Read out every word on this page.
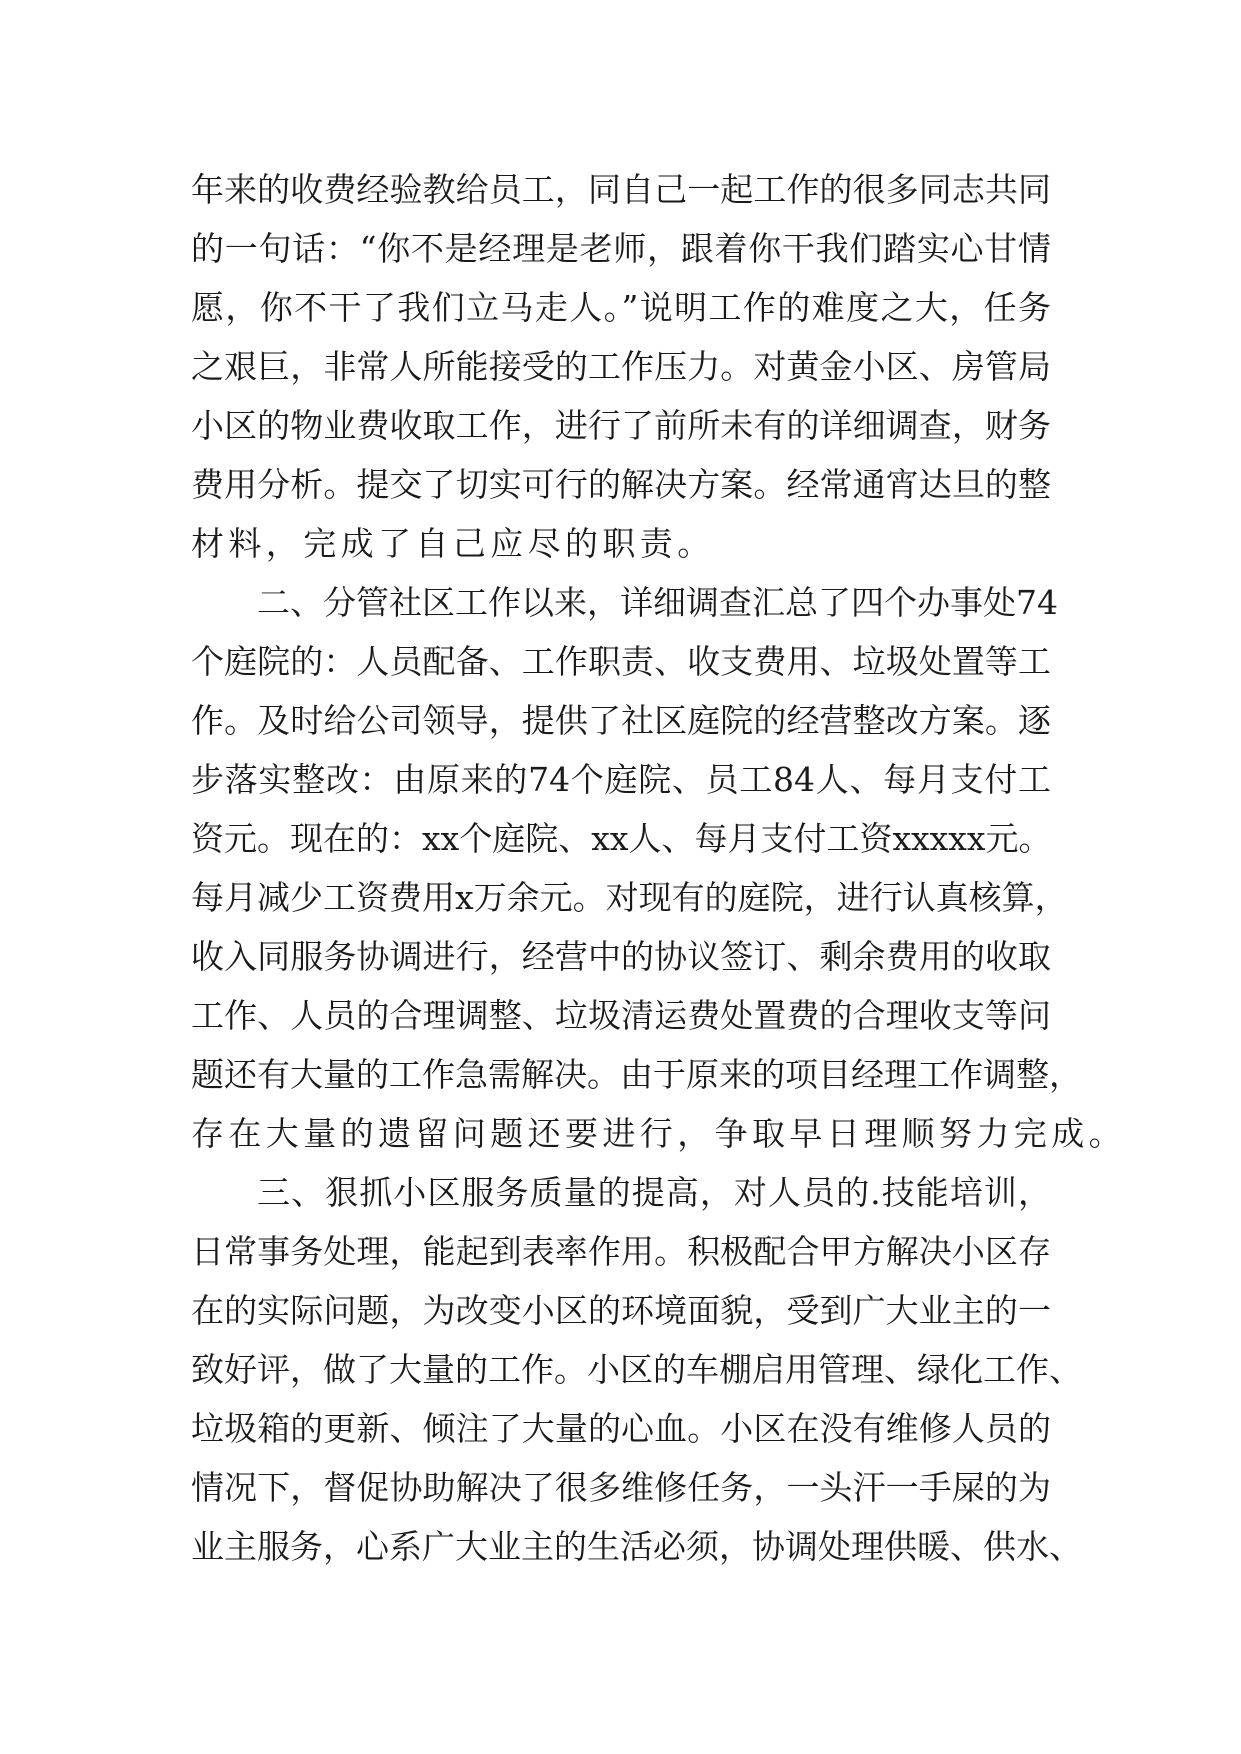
年来的收费经验教给员工，同自己一起工作的很多同志共同
的一句话：“你不是经理是老师，跟着你干我们踏实心甘情
愿，你不干了我们立马走人。”说明工作的难度之大，任务
之艰巨，非常人所能接受的工作压力。对黄金小区、房管局
小区的物业费收取工作，进行了前所未有的详细调查，财务
费用分析。提交了切实可行的解决方案。经常通宵达旦的整
材料，完成了自己应尽的职责。
二、分管社区工作以来，详细调查汇总了四个办事处74
个庭院的：人员配备、工作职责、收支费用、垃圾处置等工
作。及时给公司领导，提供了社区庭院的经营整改方案。逐
步落实整改：由原来的74个庭院、员工84人、每月支付工
资元。现在的：xx个庭院、xx人、每月支付工资xxxxx元。
每月减少工资费用x万余元。对现有的庭院，进行认真核算，
收入同服务协调进行，经营中的协议签订、剩余费用的收取
工作、人员的合理调整、垃圾清运费处置费的合理收支等问
题还有大量的工作急需解决。由于原来的项目经理工作调整，
存在大量的遗留问题还要进行，争取早日理顺努力完成。
三、狠抓小区服务质量的提高，对人员的.技能培训，
日常事务处理，能起到表率作用。积极配合甲方解决小区存
在的实际问题，为改变小区的环境面貌，受到广大业主的一
致好评，做了大量的工作。小区的车棚启用管理、绿化工作、
垃圾箱的更新、倾注了大量的心血。小区在没有维修人员的
情况下，督促协助解决了很多维修任务，一头汗一手屎的为
业主服务，心系广大业主的生活必须，协调处理供暖、供水、
